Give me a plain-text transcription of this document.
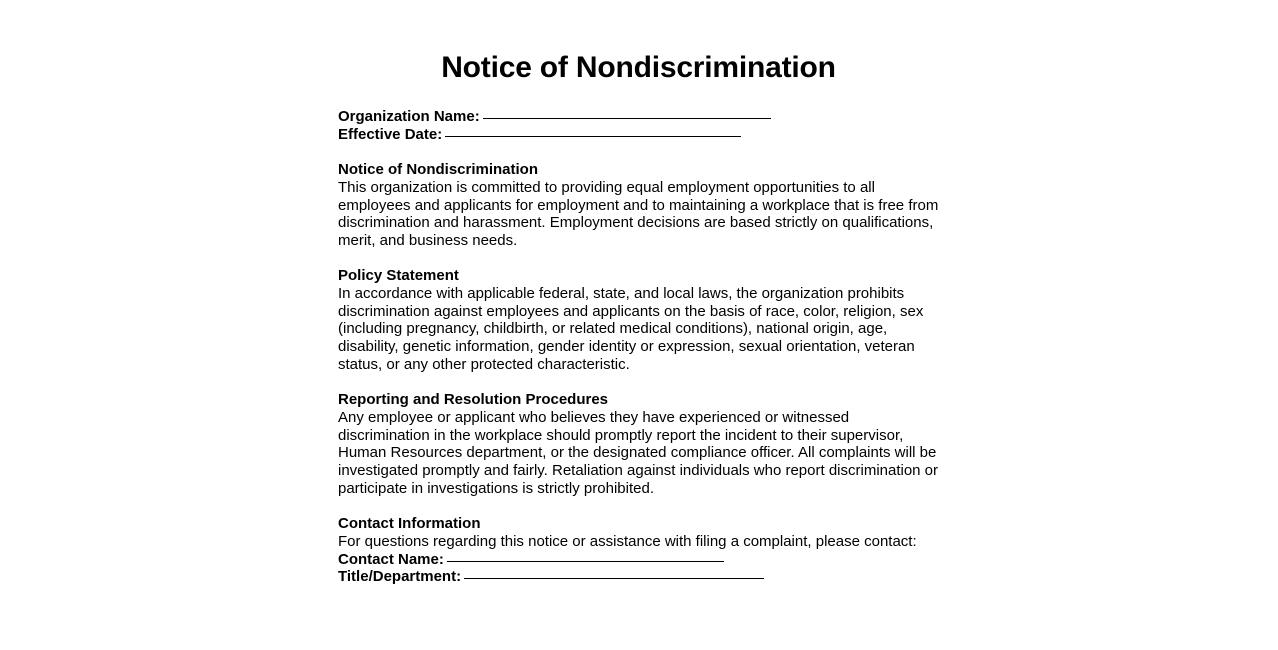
Notice of Nondiscrimination
Organization Name:
Effective Date:
Notice of Nondiscrimination

This organization is committed to providing equal employment opportunities to all employees and applicants for employment and to maintaining a workplace that is free from discrimination and harassment. Employment decisions are based strictly on qualifications, merit, and business needs.

Policy Statement

In accordance with applicable federal, state, and local laws, the organization prohibits discrimination against employees and applicants on the basis of race, color, religion, sex (including pregnancy, childbirth, or related medical conditions), national origin, age, disability, genetic information, gender identity or expression, sexual orientation, veteran status, or any other protected characteristic.

Reporting and Resolution Procedures

Any employee or applicant who believes they have experienced or witnessed discrimination in the workplace should promptly report the incident to their supervisor, Human Resources department, or the designated compliance officer. All complaints will be investigated promptly and fairly. Retaliation against individuals who report discrimination or participate in investigations is strictly prohibited.

Contact Information

For questions regarding this notice or assistance with filing a complaint, please contact:

Contact Name:
Title/Department:
